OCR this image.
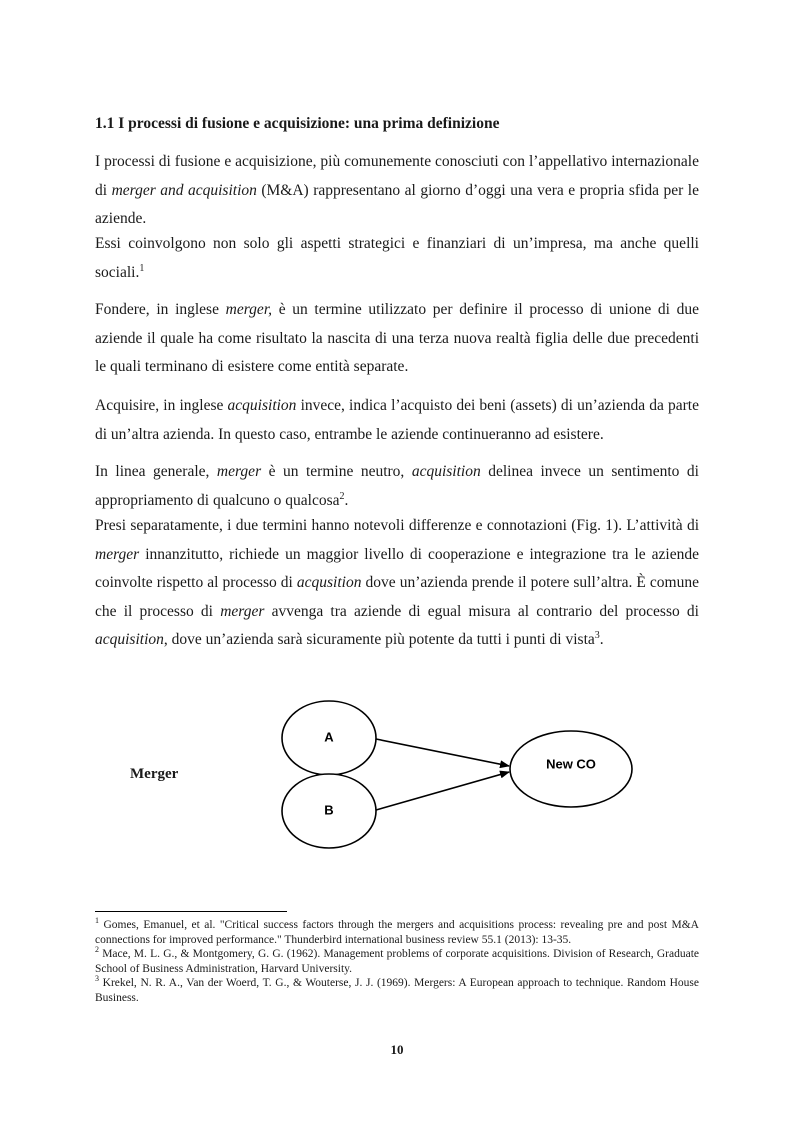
1.1 I processi di fusione e acquisizione: una prima definizione

I processi di fusione e acquisizione, più comunemente conosciuti con l’appellativo internazionale di merger and acquisition (M&A) rappresentano al giorno d’oggi una vera e propria sfida per le aziende.

Essi coinvolgono non solo gli aspetti strategici e finanziari di un’impresa, ma anche quelli sociali.$^1$

Fondere, in inglese merger, è un termine utilizzato per definire il processo di unione di due aziende il quale ha come risultato la nascita di una terza nuova realtà figlia delle due precedenti le quali terminano di esistere come entità separate.

Acquisire, in inglese acquisition invece, indica l’acquisto dei beni (assets) di un’azienda da parte di un’altra azienda. In questo caso, entrambe le aziende continueranno ad esistere.

In linea generale, merger è un termine neutro, acquisition delinea invece un sentimento di appropriamento di qualcuno o qualcosa$^2$.

Presi separatamente, i due termini hanno notevoli differenze e connotazioni (Fig. 1). L’attività di merger innanzitutto, richiede un maggior livello di cooperazione e integrazione tra le aziende coinvolte rispetto al processo di acqusition dove un’azienda prende il potere sull’altra. È comune che il processo di merger avvenga tra aziende di egual misura al contrario del processo di acquisition, dove un’azienda sarà sicuramente più potente da tutti i punti di vista$^3$.

Merger
A
B
New CO

$^1$ Gomes, Emanuel, et al. "Critical success factors through the mergers and acquisitions process: revealing pre and post M&A connections for improved performance." Thunderbird international business review 55.1 (2013): 13-35.

$^2$ Mace, M. L. G., & Montgomery, G. G. (1962). Management problems of corporate acquisitions. Division of Research, Graduate School of Business Administration, Harvard University.

$^3$ Krekel, N. R. A., Van der Woerd, T. G., & Wouterse, J. J. (1969). Mergers: A European approach to technique. Random House Business.

10
